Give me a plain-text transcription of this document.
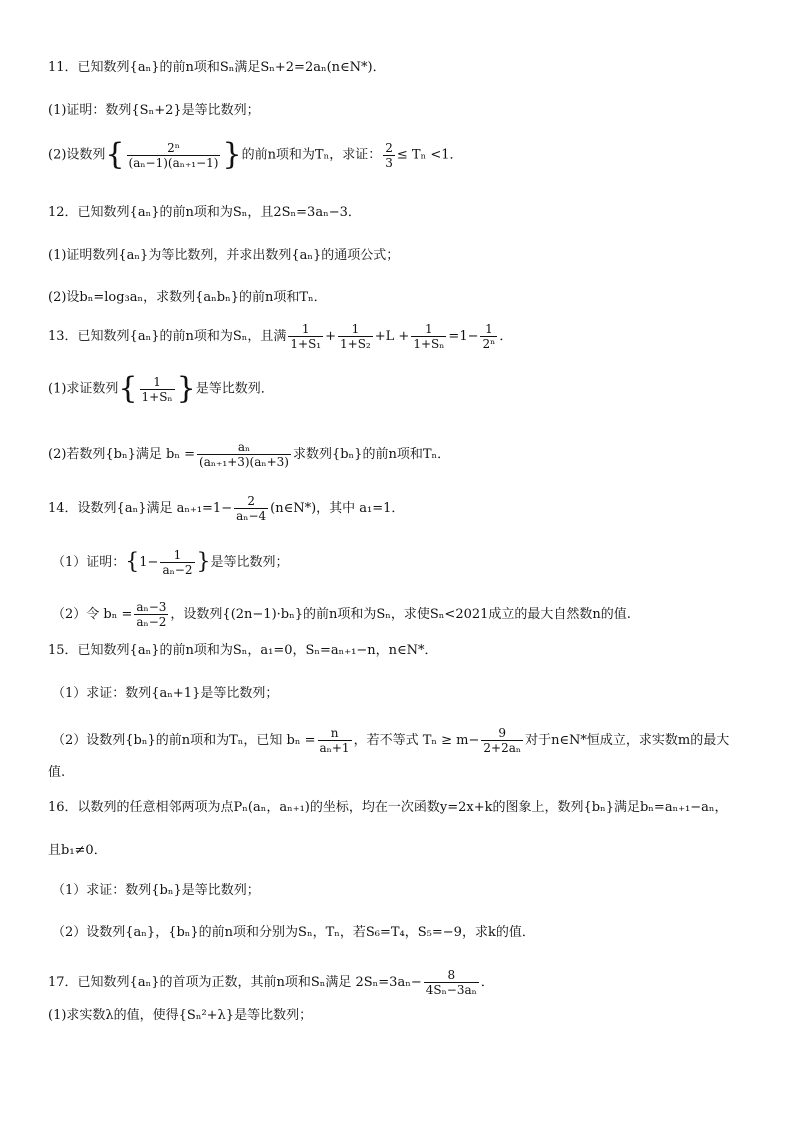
11．已知数列{aₙ}的前n项和Sₙ满足Sₙ+2=2aₙ(n∈N*)．
(1)证明：数列{Sₙ+2}是等比数列；
(2)设数列{ $\frac{\text{2ⁿ}}{\text{(aₙ−1)(aₙ₊₁−1)}}$ }的前n项和为Tₙ，求证： $\frac{2}{3} \le T_n <1$．
12．已知数列{aₙ}的前n项和为Sₙ，且2Sₙ=3aₙ−3．
(1)证明数列{aₙ}为等比数列，并求出数列{aₙ}的通项公式；
(2)设bₙ=log₃aₙ，求数列{aₙbₙ}的前n项和Tₙ．
13．已知数列{aₙ}的前n项和为Sₙ，且满 $\frac{1}{\text{1+S₁}} + \frac{1}{\text{1+S₂}} +L + \frac{1}{\text{1+Sₙ}} =1- \frac{1}{\text{2ⁿ}}$ ．
(1)求证数列{ $\frac{1}{\text{1+Sₙ}}$ }是等比数列．
(2)若数列{bₙ}满足 $b_n = \frac{\text{aₙ}}{\text{(aₙ₊₁+3)(aₙ+3)}}$ 求数列{bₙ}的前n项和Tₙ．
14．设数列{aₙ}满足 $a_{n+1}=1- \frac{2}{\text{aₙ−4}}$ (n∈N*)，其中 a₁=1．
（1）证明：{$1- \frac{1}{\text{aₙ−2}}$ }是等比数列；
（2）令 $b_n = \frac{\text{aₙ−3}}{\text{aₙ−2}}$ ，设数列{(2n−1)·bₙ}的前n项和为Sₙ，求使Sₙ<2021成立的最大自然数n的值.
15．已知数列{aₙ}的前n项和为Sₙ，a₁=0，Sₙ=aₙ₊₁−n，n∈N*．
（1）求证：数列{aₙ+1}是等比数列；
（2）设数列{bₙ}的前n项和为Tₙ，已知 $b_n = \frac{n}{\text{aₙ+1}}$ ，若不等式 $T_n \ge m- \frac{9}{\text{2+2aₙ}}$ 对于n∈N*恒成立，求实数m的最大
值.
16．以数列的任意相邻两项为点Pₙ(aₙ，aₙ₊₁)的坐标，均在一次函数y=2x+k的图象上，数列{bₙ}满足bₙ=aₙ₊₁−aₙ，
且b₁≠0．
（1）求证：数列{bₙ}是等比数列；
（2）设数列{aₙ}，{bₙ}的前n项和分别为Sₙ，Tₙ，若S₆=T₄，S₅=−9，求k的值．
17．已知数列{aₙ}的首项为正数，其前n项和Sₙ满足 $2S_n=3a_n- \frac{8}{\text{4Sₙ−3aₙ}}$ ．
(1)求实数λ的值，使得{Sₙ²+λ}是等比数列；
